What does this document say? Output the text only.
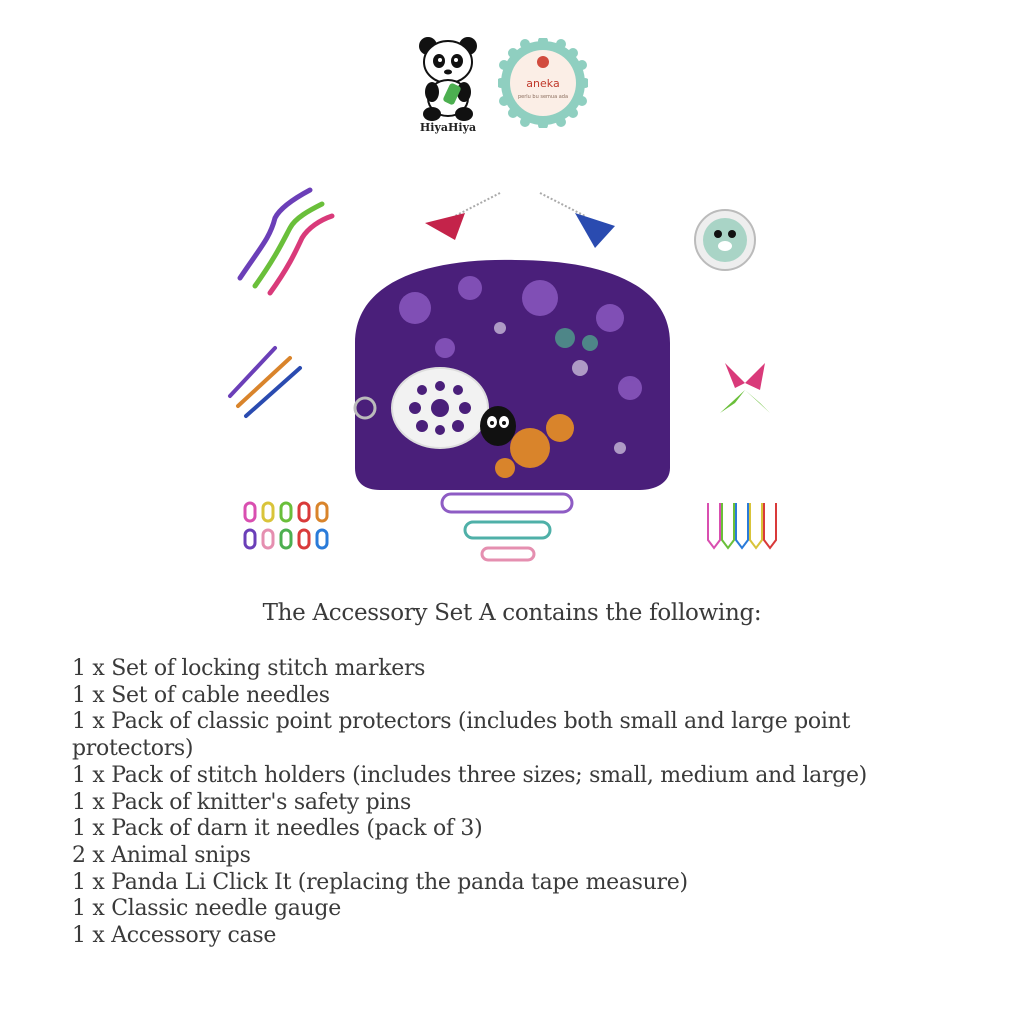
HiyaHiya
aneka
perlu bu semua ada
The Accessory Set A contains the following:
1 x Set of locking stitch markers
1 x Set of cable needles
1 x Pack of classic point protectors (includes both small and large point protectors)
1 x Pack of stitch holders (includes three sizes; small, medium and large)
1 x Pack of knitter's safety pins
1 x Pack of darn it needles (pack of 3)
2 x Animal snips
1 x Panda Li Click It (replacing the panda tape measure)
1 x Classic needle gauge
1 x Accessory case
